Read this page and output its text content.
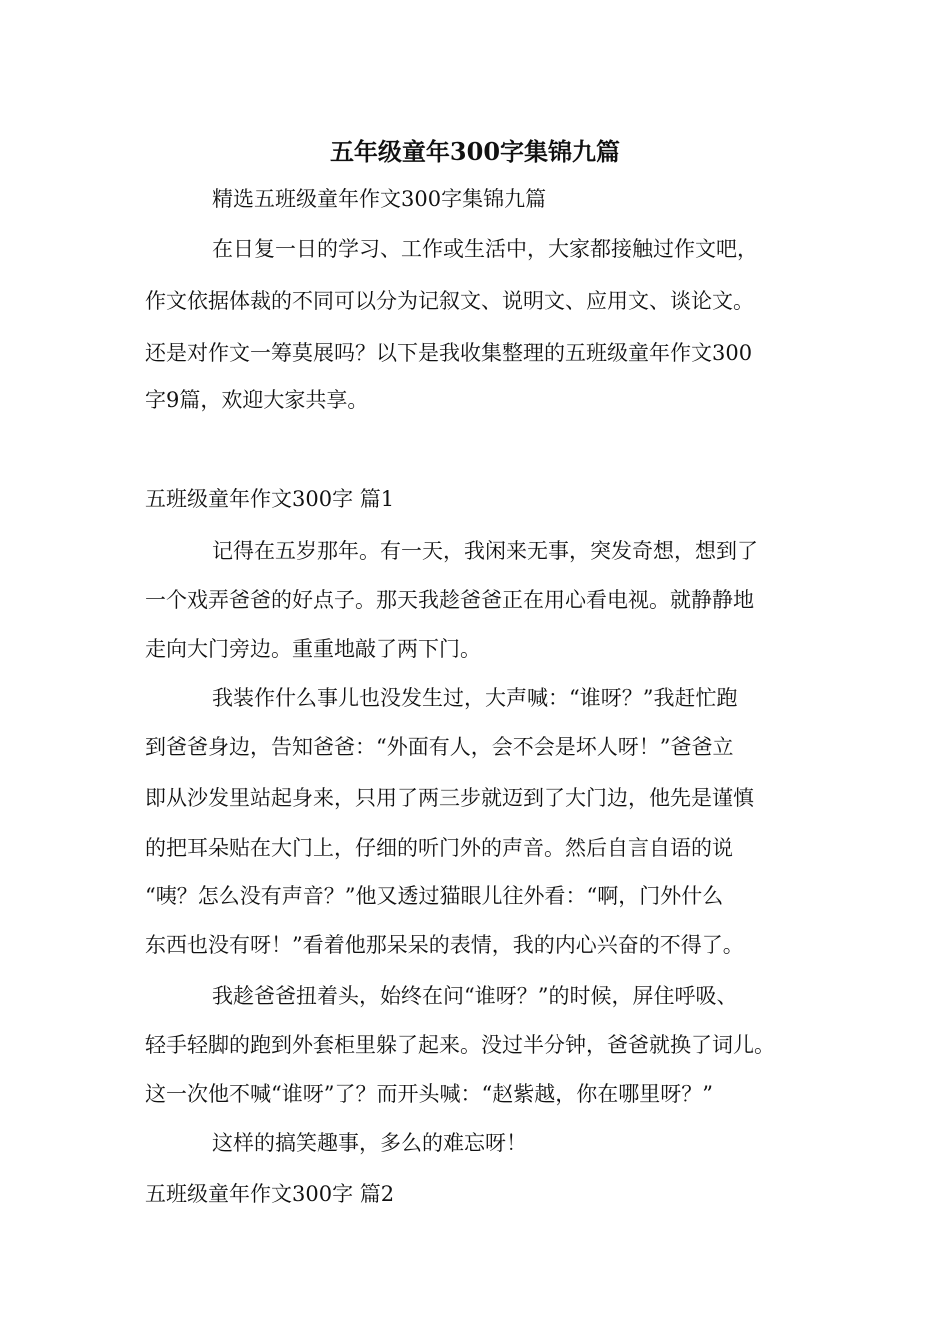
五年级童年300字集锦九篇
精选五班级童年作文300字集锦九篇
在日复一日的学习、工作或生活中，大家都接触过作文吧，
作文依据体裁的不同可以分为记叙文、说明文、应用文、谈论文。
还是对作文一筹莫展吗？以下是我收集整理的五班级童年作文300
字9篇，欢迎大家共享。
五班级童年作文300字 篇1
记得在五岁那年。有一天，我闲来无事，突发奇想，想到了
一个戏弄爸爸的好点子。那天我趁爸爸正在用心看电视。就静静地
走向大门旁边。重重地敲了两下门。
我装作什么事儿也没发生过，大声喊：“谁呀？”我赶忙跑
到爸爸身边，告知爸爸：“外面有人，会不会是坏人呀！”爸爸立
即从沙发里站起身来，只用了两三步就迈到了大门边，他先是谨慎
的把耳朵贴在大门上，仔细的听门外的声音。然后自言自语的说
“咦？怎么没有声音？”他又透过猫眼儿往外看：“啊，门外什么
东西也没有呀！”看着他那呆呆的表情，我的内心兴奋的不得了。
我趁爸爸扭着头，始终在问“谁呀？”的时候，屏住呼吸、
轻手轻脚的跑到外套柜里躲了起来。没过半分钟，爸爸就换了词儿。
这一次他不喊“谁呀”了？而开头喊：“赵紫越，你在哪里呀？”
这样的搞笑趣事，多么的难忘呀！
五班级童年作文300字 篇2
